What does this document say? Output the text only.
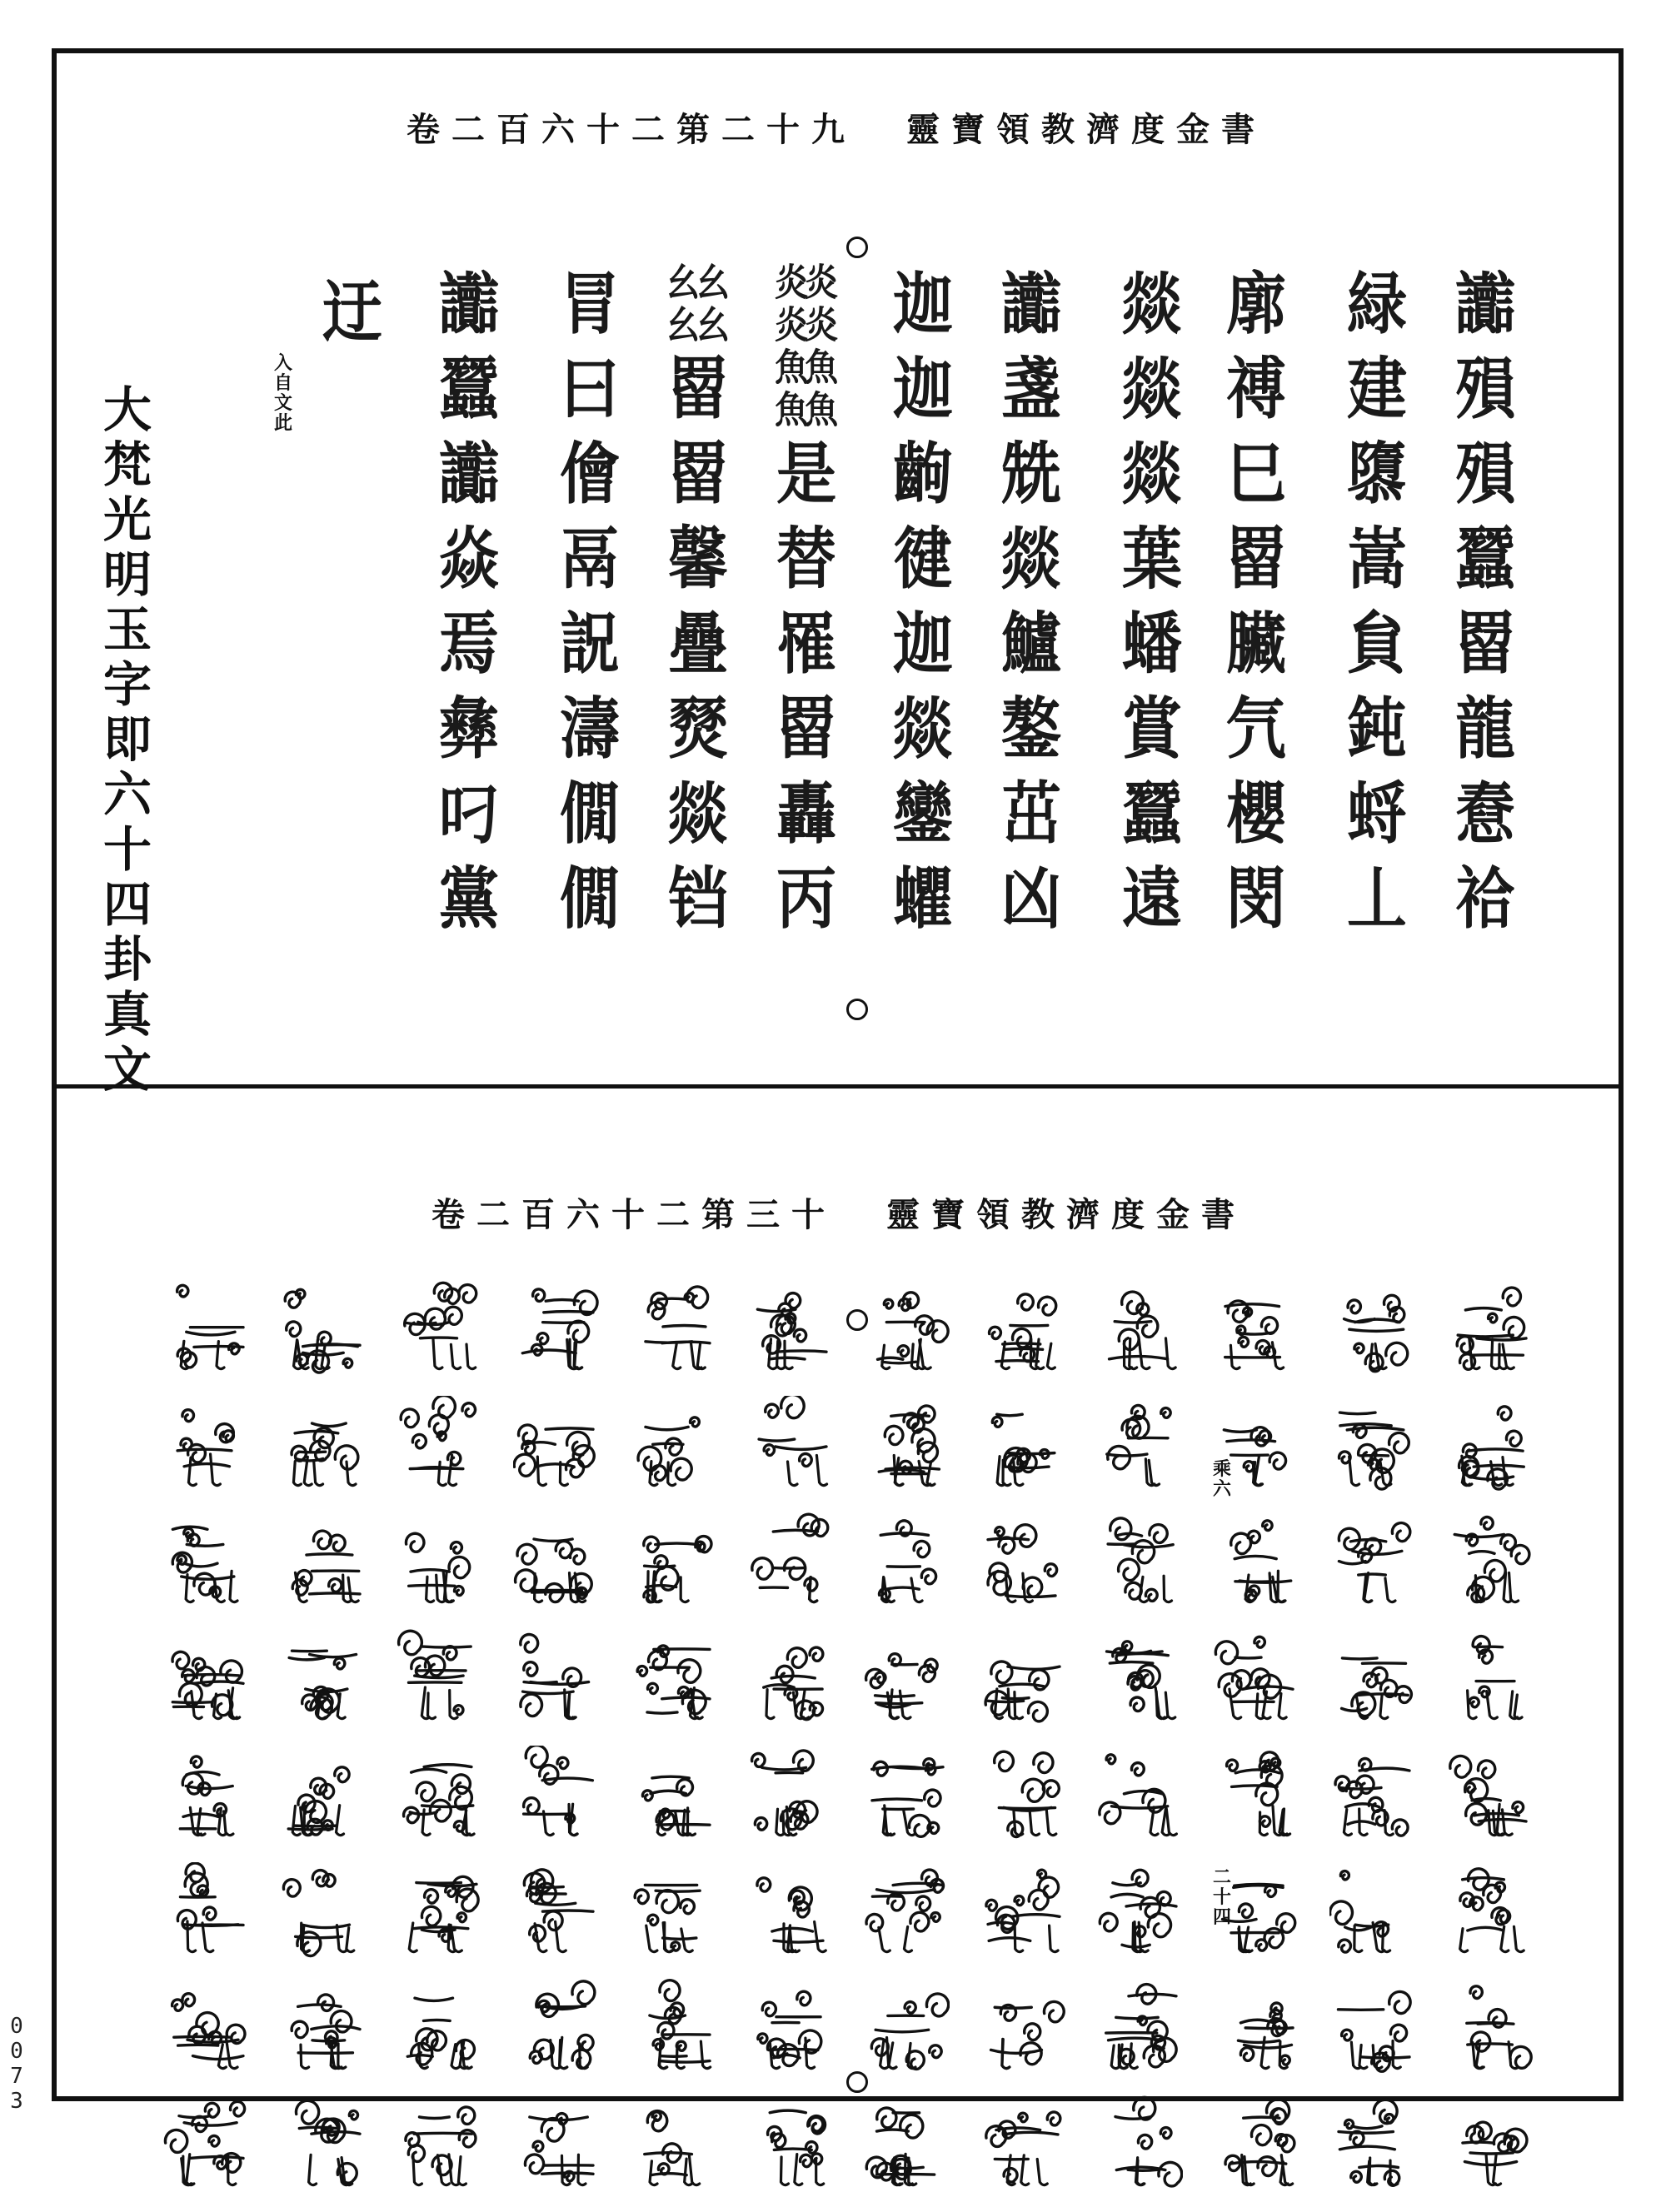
卷二百六十二第二十九 靈寶領教濟度金書
大梵光明玉字即六十四卦真文
入自文此
讟
殞
殞
蠶
罶
龍
憃
祫
緑
建
隳
嵩
貟
鈍
蛶
丄
廓
禣
巳
罶
臟
氕
櫻
閔
燚
燚
燚
葉
蟠
賞
蠶
遠
讟
盞
兟
燚
鱸
鏊
茁
凶
迦
迦
齣
徤
迦
燚
鑾
蠷
炎炎
炎炎
魚魚
魚魚
是
替
罹
罶
轟
丙
幺幺
幺幺
罶
罶
馨
疊
燹
燚
铛
冐
曰
儈
鬲
詋
濤
僩
僩
讟
蠶
讟
焱
焉
彝
叼
黨
迂
卷二百六十二第三十 靈寶領教濟度金書
乘六
二十四
0
0
7
3
